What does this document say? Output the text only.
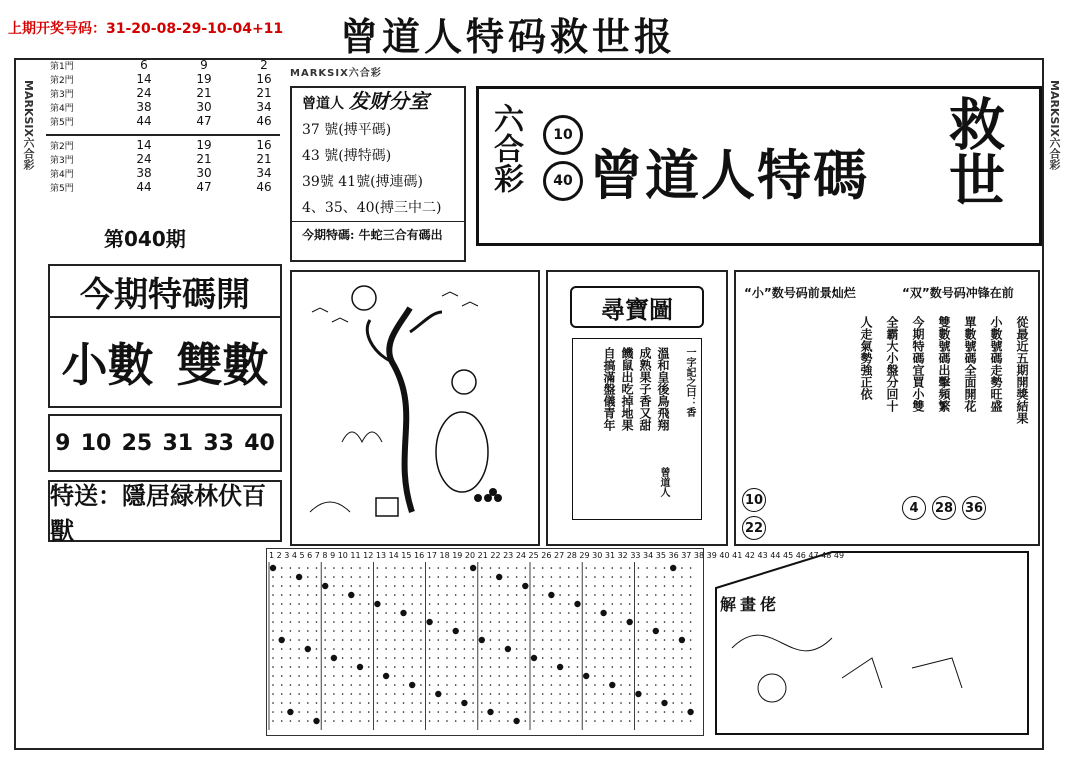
上期开奖号码：31-20-08-29-10-04+11 曾道人特码救世报
MARKSIX六合彩	MARKSIX六合彩
MARKSIX六合彩
第1門	6	9	2
第2門	14	19	16
第3門	24	21	21
第4門	38	30	34
第5門	44	47	46
第2門	14	19	16
第3門	24	21	21
第4門	38	30	34
第5門	44	47	46
第040期
今期特碼開
小數 雙數
9 10 25 31 33 40
特送：隱居緑林伏百獸
曾道人 发财分室
37 號(搏平碼)
43 號(搏特碼)
39號 41號(搏連碼)
4、35、40(搏三中二)
今期特碼: 牛蛇三合有碼出
六合彩	10
40 曾道人特碼 救世
尋寶圖
一字記之曰：香
溫和皇後鳥飛翔
成熟果子香又甜
饑鼠出吃掉地果
自搞滿盤儀青年
曾道人
“小”数号码前景灿烂	“双”数号码冲锋在前
從最近五期開獎結果
小數號碼走勢旺盛
單數號碼全面開花
雙數號碼出擊頻繁
今期特碼宜買小雙
全霸大小盤分回十
人走氣勢強正依
10
22
4	28 36
1 2 3 4 5 6 7 8 9 10 11 12 13 14 15 16 17 18 19 20 21 22 23 24 25 26 27 28 29 30 31 32 33 34 35 36 37 38 39 40 41 42 43 44 45 46 47 48 49
解畫佬
